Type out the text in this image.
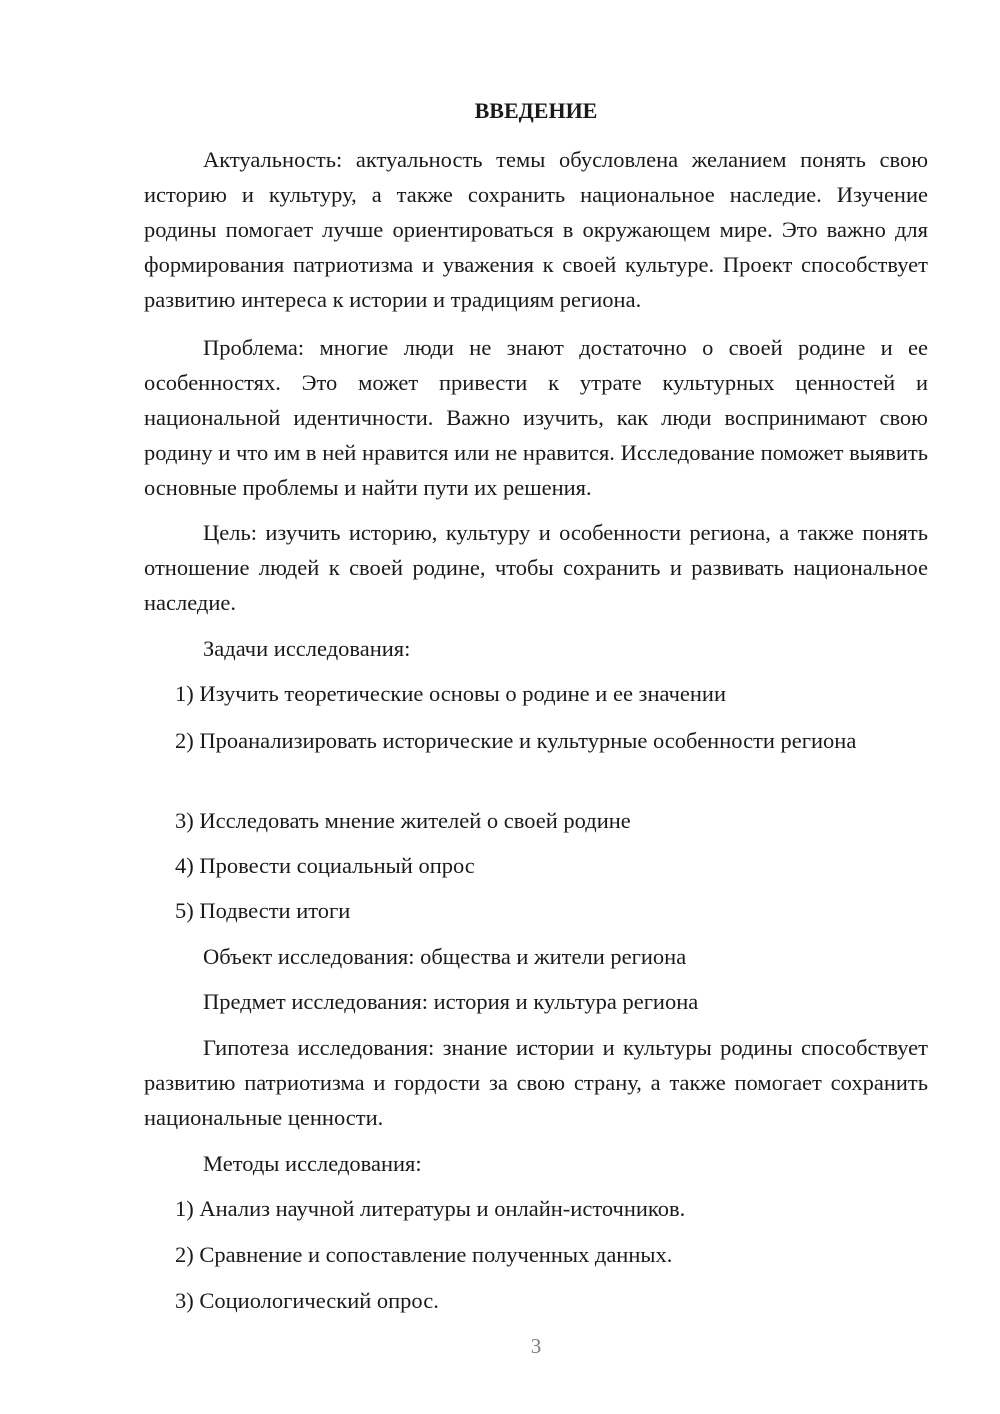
ВВЕДЕНИЕ

Актуальность: актуальность темы обусловлена желанием понять свою историю и культуру, а также сохранить национальное наследие. Изучение родины помогает лучше ориентироваться в окружающем мире. Это важно для формирования патриотизма и уважения к своей культуре. Проект способствует развитию интереса к истории и традициям региона.

Проблема: многие люди не знают достаточно о своей родине и ее особенностях. Это может привести к утрате культурных ценностей и национальной идентичности. Важно изучить, как люди воспринимают свою родину и что им в ней нравится или не нравится. Исследование поможет выявить основные проблемы и найти пути их решения.

Цель: изучить историю, культуру и особенности региона, а также понять отношение людей к своей родине, чтобы сохранить и развивать национальное наследие.

Задачи исследования:

1) Изучить теоретические основы о родине и ее значении

2) Проанализировать исторические и культурные особенности региона

3) Исследовать мнение жителей о своей родине

4) Провести социальный опрос

5) Подвести итоги

Объект исследования: общества и жители региона

Предмет исследования: история и культура региона

Гипотеза исследования: знание истории и культуры родины способствует развитию патриотизма и гордости за свою страну, а также помогает сохранить национальные ценности.

Методы исследования:

1) Анализ научной литературы и онлайн-источников.

2) Сравнение и сопоставление полученных данных.

3) Социологический опрос.

3
